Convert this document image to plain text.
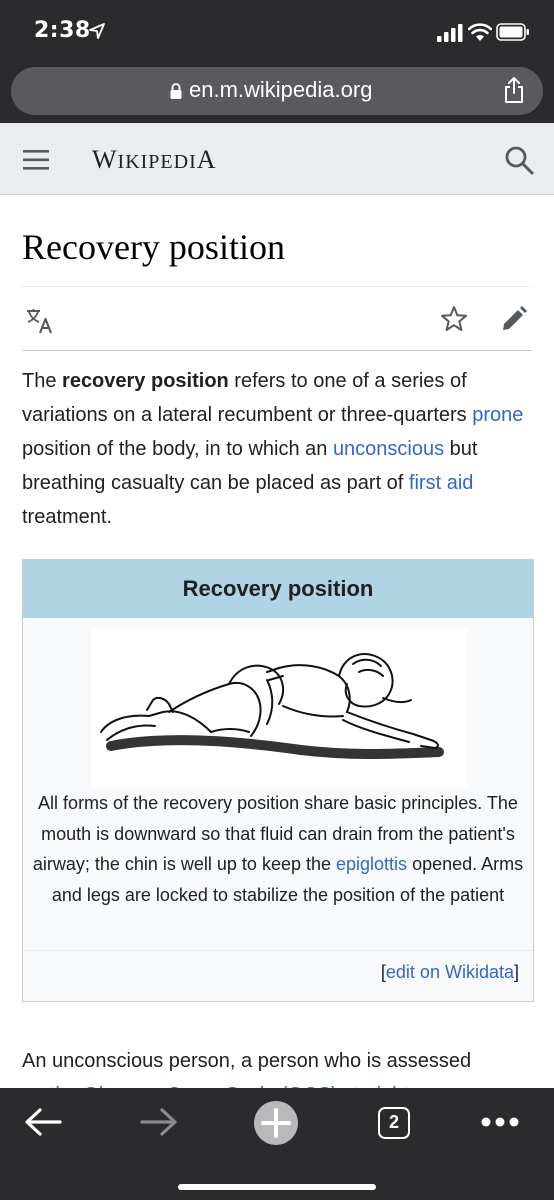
2:38
en.m.wikipedia.org
WIKIPEDIA
Recovery position

The recovery position refers to one of a series of variations on a lateral recumbent or three-quarters prone position of the body, in to which an unconscious but breathing casualty can be placed as part of first aid treatment.

Recovery position

All forms of the recovery position share basic principles. The mouth is downward so that fluid can drain from the patient's airway; the chin is well up to keep the epiglottis opened. Arms and legs are locked to stabilize the position of the patient

[edit on Wikidata]

An unconscious person, a person who is assessed

2
